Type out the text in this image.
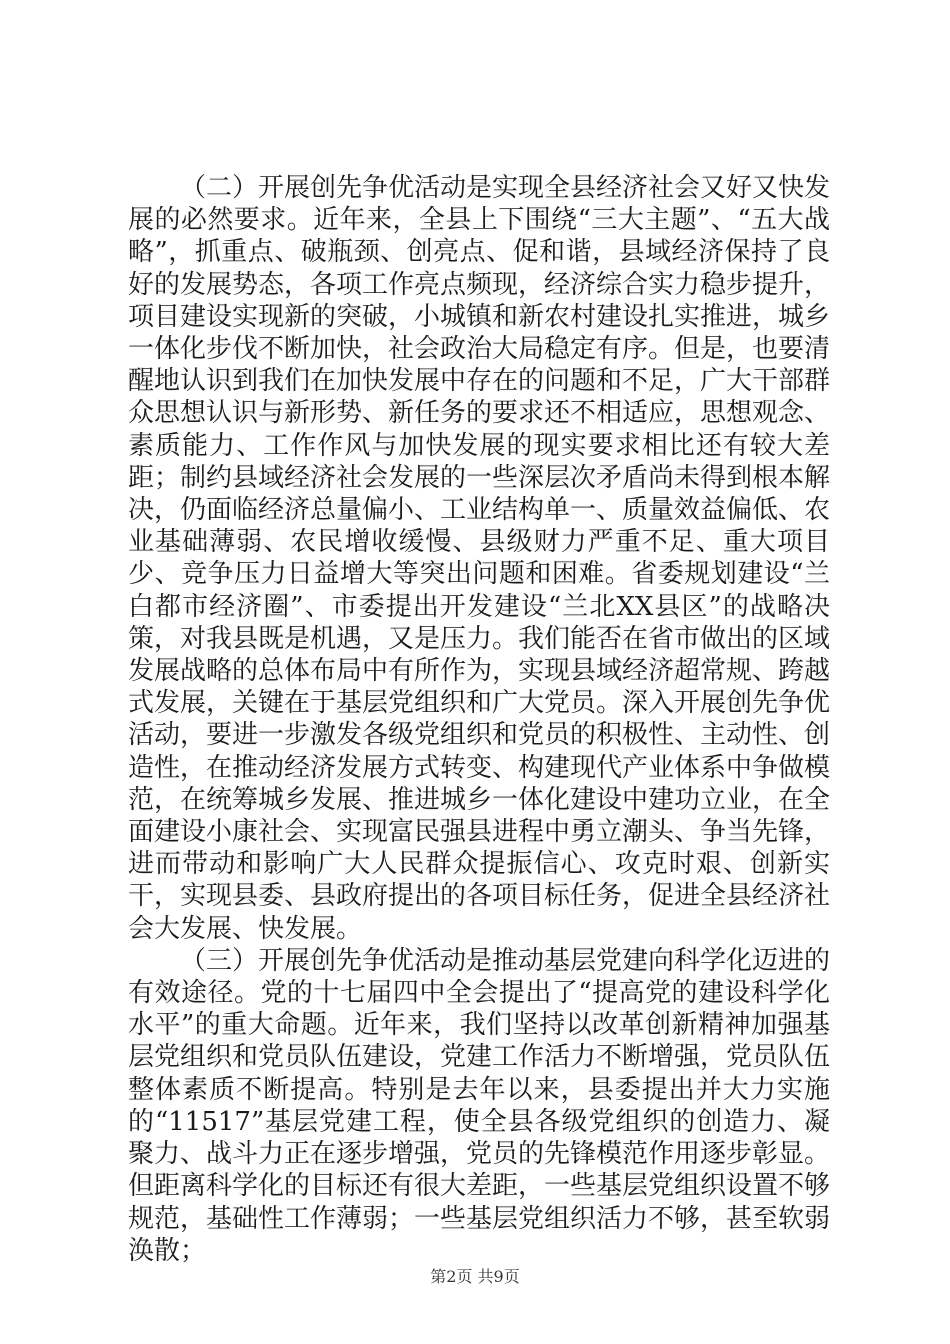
（二）开展创先争优活动是实现全县经济社会又好又快发展的必然要求。近年来，全县上下围绕“三大主题”、“五大战略”，抓重点、破瓶颈、创亮点、促和谐，县域经济保持了良好的发展势态，各项工作亮点频现，经济综合实力稳步提升，项目建设实现新的突破，小城镇和新农村建设扎实推进，城乡一体化步伐不断加快，社会政治大局稳定有序。但是，也要清醒地认识到我们在加快发展中存在的问题和不足，广大干部群众思想认识与新形势、新任务的要求还不相适应，思想观念、素质能力、工作作风与加快发展的现实要求相比还有较大差距；制约县域经济社会发展的一些深层次矛盾尚未得到根本解决，仍面临经济总量偏小、工业结构单一、质量效益偏低、农业基础薄弱、农民增收缓慢、县级财力严重不足、重大项目少、竞争压力日益增大等突出问题和困难。省委规划建设“兰白都市经济圈”、市委提出开发建设“兰北XX县区”的战略决策，对我县既是机遇，又是压力。我们能否在省市做出的区域发展战略的总体布局中有所作为，实现县域经济超常规、跨越式发展，关键在于基层党组织和广大党员。深入开展创先争优活动，要进一步激发各级党组织和党员的积极性、主动性、创造性，在推动经济发展方式转变、构建现代产业体系中争做模范，在统筹城乡发展、推进城乡一体化建设中建功立业，在全面建设小康社会、实现富民强县进程中勇立潮头、争当先锋，进而带动和影响广大人民群众提振信心、攻克时艰、创新实干，实现县委、县政府提出的各项目标任务，促进全县经济社会大发展、快发展。

（三）开展创先争优活动是推动基层党建向科学化迈进的有效途径。党的十七届四中全会提出了“提高党的建设科学化水平”的重大命题。近年来，我们坚持以改革创新精神加强基层党组织和党员队伍建设，党建工作活力不断增强，党员队伍整体素质不断提高。特别是去年以来，县委提出并大力实施的“11517”基层党建工程，使全县各级党组织的创造力、凝聚力、战斗力正在逐步增强，党员的先锋模范作用逐步彰显。但距离科学化的目标还有很大差距，一些基层党组织设置不够规范，基础性工作薄弱；一些基层党组织活力不够，甚至软弱涣散；

第2页 共9页
